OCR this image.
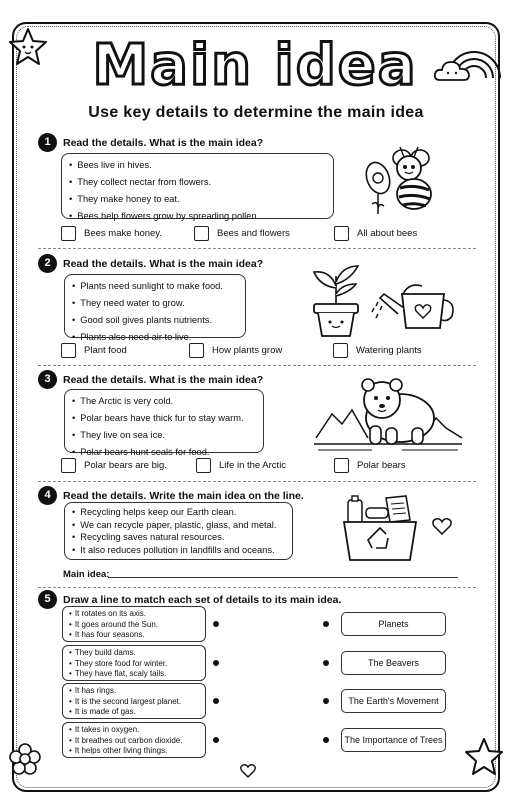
Main idea
Use key details to determine the main idea
1	Read the details. What is the main idea?
• Bees live in hives.
• They collect nectar from flowers.
• They make honey to eat.
• Bees help flowers grow by spreading pollen.
Bees make honey.	Bees and flowers	All about bees
2	Read the details. What is the main idea?
• Plants need sunlight to make food.
• They need water to grow.
• Good soil gives plants nutrients.
• Plants also need air to live.
Plant food	How plants grow	Watering plants
3	Read the details. What is the main idea?
• The Arctic is very cold.
• Polar bears have thick fur to stay warm.
• They live on sea ice.
• Polar bears hunt seals for food.
Polar bears are big.	Life in the Arctic	Polar bears
4	Read the details. Write the main idea on the line.
• Recycling helps keep our Earth clean.
• We can recycle paper, plastic, glass, and metal.
• Recycling saves natural resources.
• It also reduces pollution in landfills and oceans.
Main idea:
5	Draw a line to match each set of details to its main idea.
• It rotates on its axis.
• It goes around the Sun.
• It has four seasons.
• They build dams.
• They store food for winter.
• They have flat, scaly tails.
• It has rings.
• It is the second largest planet.
• It is made of gas.
• It takes in oxygen.
• It breathes out carbon dioxide.
• It helps other living things.
Planets
The Beavers
The Earth's Movement
The Importance of Trees
